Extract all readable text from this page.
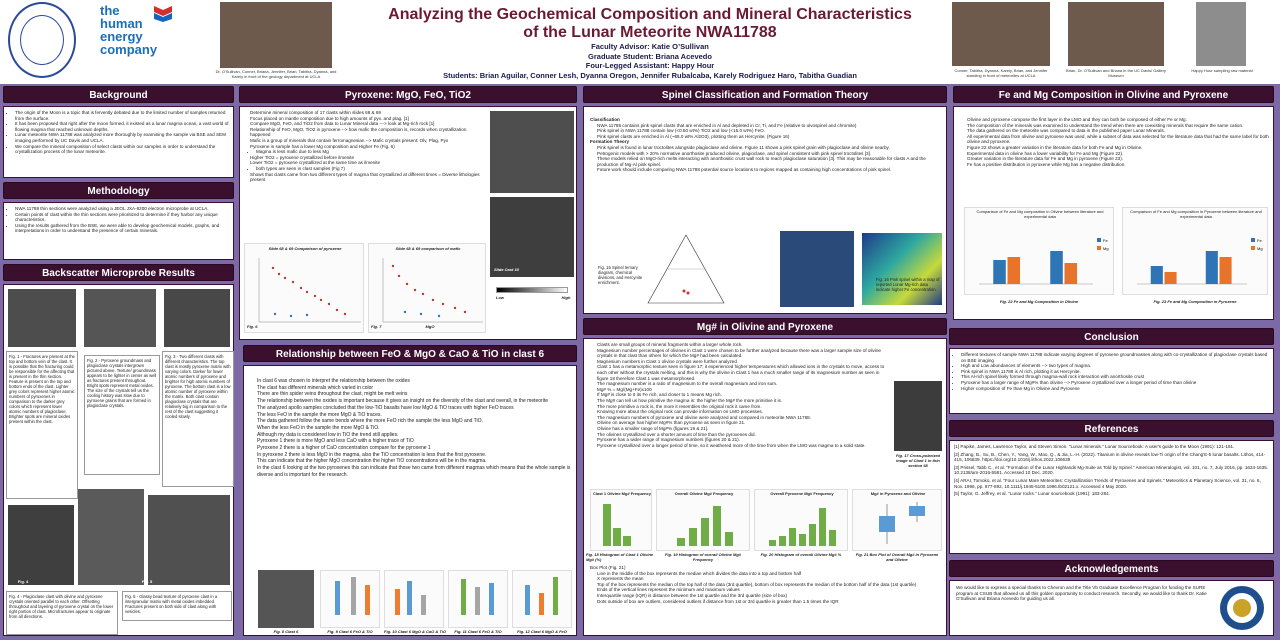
the
human
energy
company
Dr. O'Sullivan, Conner, Briana, Jennifer, Brian, Tabitha, Dyanna, and Karely in front of the geology department at UCLA
Analyzing the Geochemical Composition and Mineral Characteristics
of the Lunar Meteorite NWA11788
Faculty Advisor: Katie O’Sullivan
Graduate Student: Briana Acevedo
Four-Legged Assistant: Happy Hour
Students: Brian Aguilar, Conner Lesh, Dyanna Oregon, Jennifer Rubalcaba, Karely Rodriguez Haro, Tabitha Guadian	Conner, Tabitha, Dyanna, Karely, Brian, and Jennifer standing in front of meteorites at UCLA
Brian, Dr. O'Sullivan and Briana in the UC Davis/ Gallery Museum
Happy Hour sampling raw material
Background
• The origin of the Moon is a topic that is fervently debated due to the limited number of samples returned from the surface.
• It has been proposed that right after the moon formed, it existed as a lunar magma ocean, a vast world of flowing magma that reached unknown depths.
• Lunar meteorite NWA 11788 was analyzed more thoroughly by examining the sample via BSE and SEM imaging performed by UC Davis and UCLA.
• We compare the mineral composition of select clasts within our samples in order to understand the crystallization process of the lunar meteorite.
Methodology
• NWA 11788 thin sections were analyzed using a JEOL JXA-8200 electron microprobe at UCLA.
• Certain points of clast within the thin sections were prioritized to determine if they harbor any unique characteristics.
• Using the results gathered from the BSE, we were able to develop geochemical models, graphs, and interpretations in order to understand the presence of certain minerals.
Backscatter Microprobe Results
Fig. 1 - Fractures are present at the top and bottom vein of the clast. It is possible that the fracturing could be responsible for the affecting that is present in the thin section. Feature is present on the top and bottom ends of the clast. Lighter grey colors represent higher atomic numbers of pyroxenes in comparison to the darker grey colors which represent lower atomic numbers of plagioclase. Brighter spots are mineral oxides present within the clast.
Fig. 2 - Pyroxene groundmass and plagioclase crystals intergrown pictured above. Texture/ groundmass appears to be lighter in center as well as fractures present throughout. Bright spots represent metal oxides. The size of the crystals tell us the cooling history was slow due to pyroxene grains that are formed in plagioclase crystals.
Fig. 3 - Two different clasts with different characteristics. The top clast is mostly pyroxene matrix with varying colors. Darker for lower atomic numbers of pyroxene and brighter for high atomic numbers of pyroxene. The bottom clast is a low atomic number of pyroxene within the matrix. Both clast contain plagioclase crystals that are relatively big in comparison to the rest of the clast suggesting it cooled slowly.
Fig. 4	Fig. 5
Fig. 4 - Plagioclase clast with olivine and pyroxene crystals oriented parallel to each other. Offsetting throughout and layering of pyroxene crystal on the lower right portion of clast. Microfractures appear to originate from all directions.
Fig. 5 - Glassy bead texture of pyroxene clast in a intergranular matrix with metal oxides imbedded. Fractures present on both side of clast along with vesicles.
Pyroxene: MgO, FeO, TiO2
• Determine mineral composition of 17 clasts within slides 68 & 69
• Focus placed on mantle composition due to high amounts of pyx. and plag. [1]
• Compare MgO, FeO, and TiO2 from data to Lunar Mineral data ---> look at Mg-rich rock [1]
• Relationship of FeO, MgO, TiO2 in pyroxene --> how mafic the composition is, records when crystallization happened
• Mafic is a group of minerals that contain ferromagnesian --> Mafic crystals present: Olv, Plag, Pyx
• Pyroxene in sample has a lower Mg composition and Higher Fe (Fig. 6)
• Magma is less mafic due to less Mg
• Higher TiO2 = pyroxene crystallized before ilmenite
• Lower TiO2 = pyroxene crystallized at the same time as ilmenite
• both types are seen in clast samples (Fig 7)
• Shows that clasts came from two different types of magma that crystallized at different times = Diverse lithologies present
Slide Cast 10
Low	High
Slide 68 & 69 Comparison of pyroxene
Fig. 6
Slide 68 & 69 comparison of mafic
MgO
Fig. 7
Relationship between FeO & MgO & CaO & TiO in clast 6
• In clast 6 was chosen to interpret the relationship between the oxides
• The clast has different minerals which varied in color
• There are thin spider veins throughout the clast, might be melt veins
• The relationship between the oxides is important because it gives an insight on the diversity of the clast and overall, in the meteorite
• The analyzed apollo samples concluded that the low-TiO basalts have low MgO & TiO traces with higher FeO traces
• The less FeO in the sample the more MgO & TiO traces.
• The data gathered follow the same trends where the more FeO rich the sample the less MgO and TiO.
• When the less FeO in the sample the more MgO & TiO.
• Although my data is considered low in TiO the trend still applies.
• Pyroxene 1 there is more MgO and less CaO with a higher trace of TiO
• Pyroxene 2 there is a higher of CaO concentration compare for the pyroxene 1
• In pyroxene 2 there is less MgO in the magma, also the TiO concentration is less that the first pyroxene.
• This can indicate that the higher MgO concentration the higher TiO concentrations will be in the magma.
• In the clast 6 looking at the two pyroxenes this can indicate that those two came from different magmas which means that the whole sample is diverse and is important for the research.
Fig. 8 Clast 6	Fig. 9 Clast 6 FeO & TiO	Fig. 10 Clast 6 MgO & CaO & TiO	Fig. 11 Clast 6 FeO & TiO	Fig. 12 Clast 6 MgO & FeO
Spinel Classification and Formation Theory
Classification
• NWA 11788 contains pink spinel clasts that are enriched in Al and depleted in Cr, Ti, and Fe (relative to ulvospinel and chromite)
• Pink spinel in NWA 11788 contain low (<0.50 wt%) TiO2 and low (<15.0 wt%) FeO.
• Pink spinel clasts are enriched in Al (~65.0 wt% Al2O3), plotting them as Hercynite. (Figure 16)
Formation Theory
• Pink spinel is found in lunar troctolites alongside plagioclase and olivine. Figure 11 shows a pink spinel grain with plagioclase and olivine nearby.
• Petrogenic models with > 20% normative anorthosite produced olivine, plagioclase, and spinel consistent with pink spinel troctolites [3].
• These models relied on MgO-rich melts interacting with anorthositic crust wall rock to reach plagioclase saturation [3]. This may be reasonable for clasts A and the production of Mg-Al pink spinel.
• Future work should include comparing NWA 11788 potential source locations to regions mapped as containing high concentrations of pink spinel.
Fig. 15 Spinel ternary diagram, chemical divisions, and Hercynite enrichment.
Fig. 16 Pink spinel within a map of reported Lunar Mg-rich data indicate higher Fe concentration.
Mg# in Olivine and Pyroxene
• Clasts are small groups of mineral fragments within a larger whole rock.
• Magnesium number percentages of olivines in Clast 1 were chosen to be further analyzed because there was a larger sample size of olivine crystals in that clast than others for which the Mg# had been calculated.
• Magnesium numbers in Clast 1 olivine crystals were further analyzed
• Clast 1 has a metamorphic texture seen in figure 17; it experienced higher temperatures which allowed ions in the crystals to move, access to each other without the crystals melting, and this is why the olivine in Clast 1 has a much smaller range of its magnesium number as seen in figure 18 therefore Clast 1 was metamorphosed.
• The magnesium number is a ratio of magnesium to the overall magnesium and iron sum.
• Mg# % = Mg/(Mg+Fe)x100
• If Mg# is close to 0 its Fe rich, and closer to 1 means Mg rich.
• The Mg# can tell us how primitive the magma is: the higher the Mg# the more primitive it is.
• The more primitive a rock is, the more it resembles the original rock it came from.
• Knowing more about the original rock can provide information on LMO processes.
• The magnesium numbers of pyroxene and olivine were analyzed and compared in meteorite NWA 11788.
• Olivine on average has higher Mg#% than pyroxene as seen in figure 21.
• Olivine has a smaller range of Mg#% (figures 19 & 21).
• The olivines crystallized over a shorter amount of time than the pyroxenes did.
• Pyroxene has a wider range of magnesium numbers (figures 20 & 21).
• Pyroxene crystallized over a longer period of time, so it weathered more of the time from when the LMO was magma to a solid state.
Fig. 17 Cross-polarized image of Clast 1 in thin section 68
Clast 1 Olivine Mg# Frequency	Overall Olivine Mg# Frequency	Overall Pyroxene Mg# Frequency	Mg# in Pyroxene and Olivine
Fig. 18 Histogram of Clast 1 Olivine Mg# (%)
Fig. 19 Histogram of overall Olivine Mg# Frequency
Fig. 20 Histogram of overall Olivine Mg# %	Fig. 21 Box Plot of Overall Mg# in Pyroxene and Olivine
Box Plot (Fig. 21)
• Line in the middle of the box represents the median which divides the data into a top and bottom half
• X represents the mean
• Top of the box represents the median of the top half of the data (3rd quartile), bottom of box represents the median of the bottom half of the data (1st quartile)
• Ends of the vertical lines represent the minimum and maximum values
• Interquartile range (IQR) is distance between the 1st quartile and the 3rd quartile (size of box)
• Dots outside of box are outliers, considered outliers if distance from 1st or 3rd quartile is greater than 1.5 times the IQR
Fe and Mg Composition in Olivine and Pyroxene
• Olivine and pyroxene compose the first layer in the LMO and they can both be composed of either Fe or Mg.
• The composition of the minerals was examined to understand the trend when there are coexisting minerals that require the same cation.
• The data gathered on the meteorite was compared to data in the published paper Lunar Minerals.
• All experimental data from olivine and pyroxene was used, while a subset of data was selected for the literature data that had the same label for both olivine and pyroxene.
• Figure 22 shows a greater variation in the literature data for both Fe and Mg in Olivine.
• Experimental data in olivine has a lower variability for Fe and Mg (Figure 22).
• Greater variation in the literature data for Fe and Mg in pyroxene (Figure 23).
• Fe has a positive distribution in pyroxene while Mg has a negative distribution.
Comparison of Fe and Mg composition in Olivine between literature and experimental data
Fe
Mg
Comparison of Fe and Mg composition in Pyroxene between literature and experimental data
Fe
Mg
Fig. 22 Fe and Mg Composition in Olivine	Fig. 23 Fe and Mg Composition in Pyroxene
Conclusion
• Different textures of sample NWA 11788 indicate varying degrees of pyroxene groundmasses along with co-crystallization of plagioclase crystals based on BSE imaging
• High and Low abundances of elements --> two types of magma.
• Pink spinel in NWA 11788 is Al rich, plotting it as Hercynite.
• This Al-rich spinel likely formed through magma-wall rock interaction with anorthosite crust
• Pyroxene has a larger range of Mg#% than olivine --> Pyroxene crystallized over a longer period of time than olivine
• Higher composition of Fe than Mg in Olivine and Pyroxene
References
[1] Papike, James, Lawrence Taylor, and Steven Simon. "Lunar minerals." Lunar Sourcebook: A user's guide to the Moon (1991): 121-181.
[2] Zhang, B., Su, B., Chen, Y., Yang, W., Mao, Q., & Jia, L.-H. (2022). Titanium in olivine reveals low-Ti origin of the Chang'E-5 lunar basalts. Lithos, 414-415, 106639. https://doi.org/10.1016/j.lithos.2022.106639
[3] Prissel, Tabb C., et al. "Formation of the Lunar Highlands Mg-Suite as Told by Spinel." American Mineralogist, vol. 101, no. 7, July 2016, pp. 1624-1635. 10.2138/am-2016-5581. Accessed 10 Dec. 2020.
[4] ARAI, Tomoko, et al. "Four Lunar Mare Meteorites: Crystallization Trends of Pyroxenes and Spinels." Meteoritics & Planetary Science, vol. 31, no. 6, Nov. 1996, pp. 877-892, 10.1111/j.1945-5100.1996.tb02121.x. Accessed 4 May 2020.
[5] Taylor, G. Jeffrey, et al. "Lunar rocks." Lunar sourcebook (1991): 183-284.
Acknowledgements
We would like to express a special thanks to Chevron and the Title Vb Graduate Excellence Program for funding the SURE program at CSUB that allowed us all this golden opportunity to conduct research. Secondly, we would like to thank Dr. Katie O'Sullivan and Briana Acevedo for guiding us all.
